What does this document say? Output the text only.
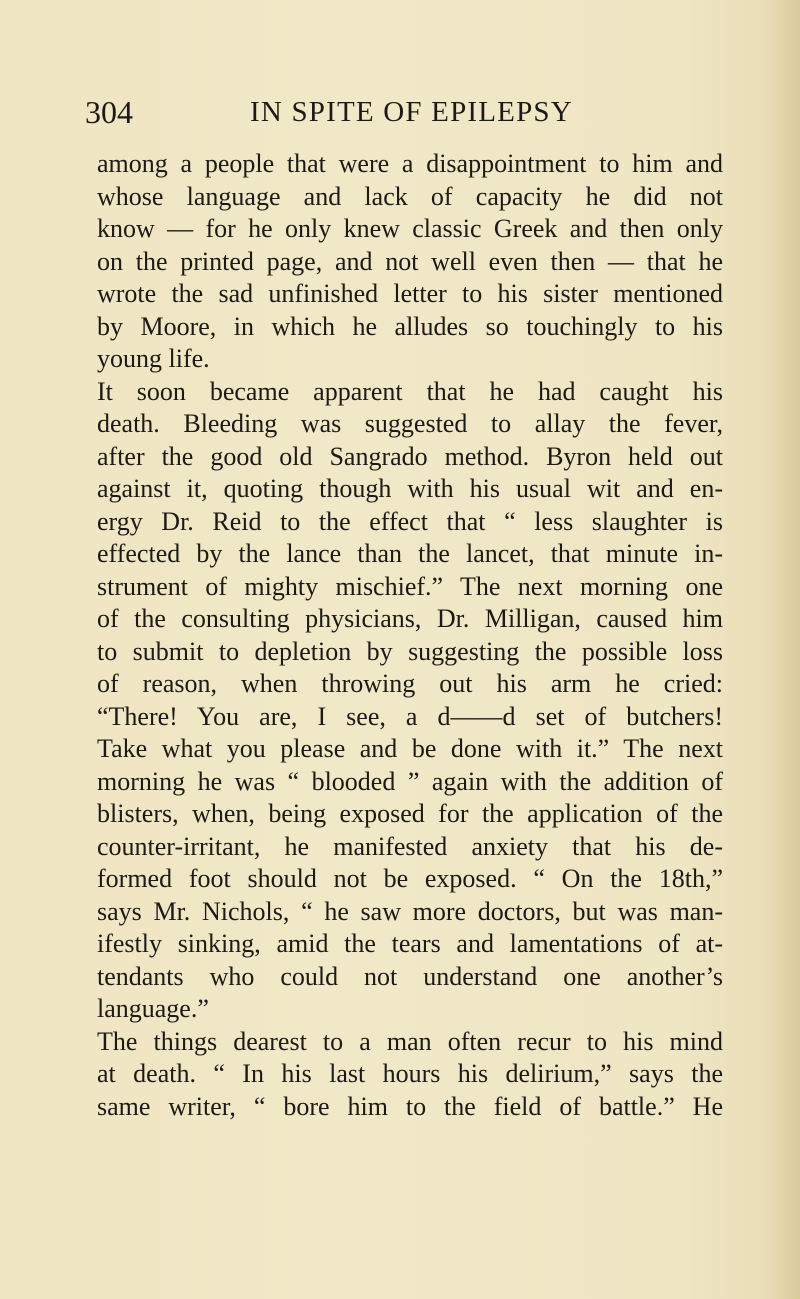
304	IN SPITE OF EPILEPSY
among a people that were a disappointment to him and
whose language and lack of capacity he did not
know — for he only knew classic Greek and then only
on the printed page, and not well even then — that he
wrote the sad unfinished letter to his sister mentioned
by Moore, in which he alludes so touchingly to his
young life.
It soon became apparent that he had caught his
death. Bleeding was suggested to allay the fever,
after the good old Sangrado method. Byron held out
against it, quoting though with his usual wit and en-
ergy Dr. Reid to the effect that “ less slaughter is
effected by the lance than the lancet, that minute in-
strument of mighty mischief.” The next morning one
of the consulting physicians, Dr. Milligan, caused him
to submit to depletion by suggesting the possible loss
of reason, when throwing out his arm he cried:
“There! You are, I see, a d——d set of butchers!
Take what you please and be done with it.” The next
morning he was “ blooded ” again with the addition of
blisters, when, being exposed for the application of the
counter-irritant, he manifested anxiety that his de-
formed foot should not be exposed. “ On the 18th,”
says Mr. Nichols, “ he saw more doctors, but was man-
ifestly sinking, amid the tears and lamentations of at-
tendants who could not understand one another’s
language.”
The things dearest to a man often recur to his mind
at death. “ In his last hours his delirium,” says the
same writer, “ bore him to the field of battle.” He
